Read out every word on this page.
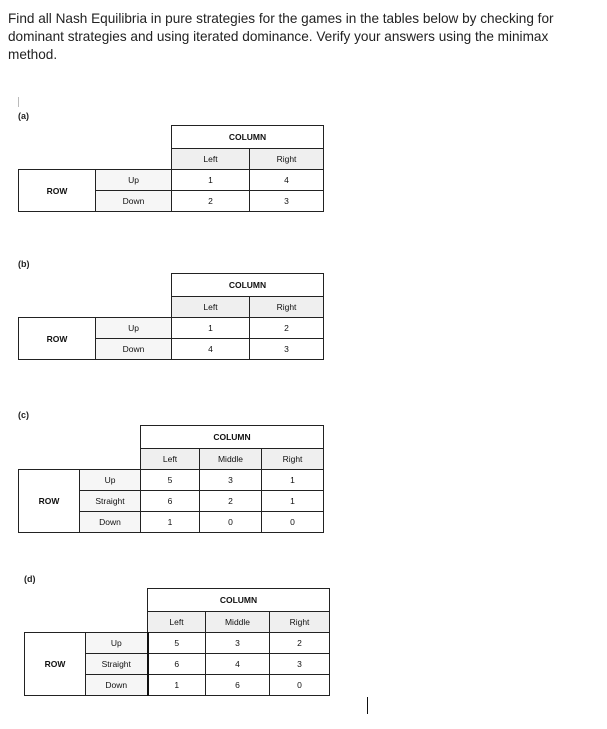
Find all Nash Equilibria in pure strategies for the games in the tables below by checking for dominant strategies and using iterated dominance. Verify your answers using the minimax method.

(a)
		COLUMN	
		Left	Right
ROW	Up	1	4
	Down	2	3
(b)
		COLUMN	
		Left	Right
ROW	Up	1	2
	Down	4	3
(c)
		COLUMN		
		Left	Middle	Right
ROW	Up	5	3	1
	Straight	6	2	1
	Down	1	0	0
(d)
		COLUMN		
		Left	Middle	Right
ROW	Up	5	3	2
	Straight	6	4	3
	Down	1	6	0
